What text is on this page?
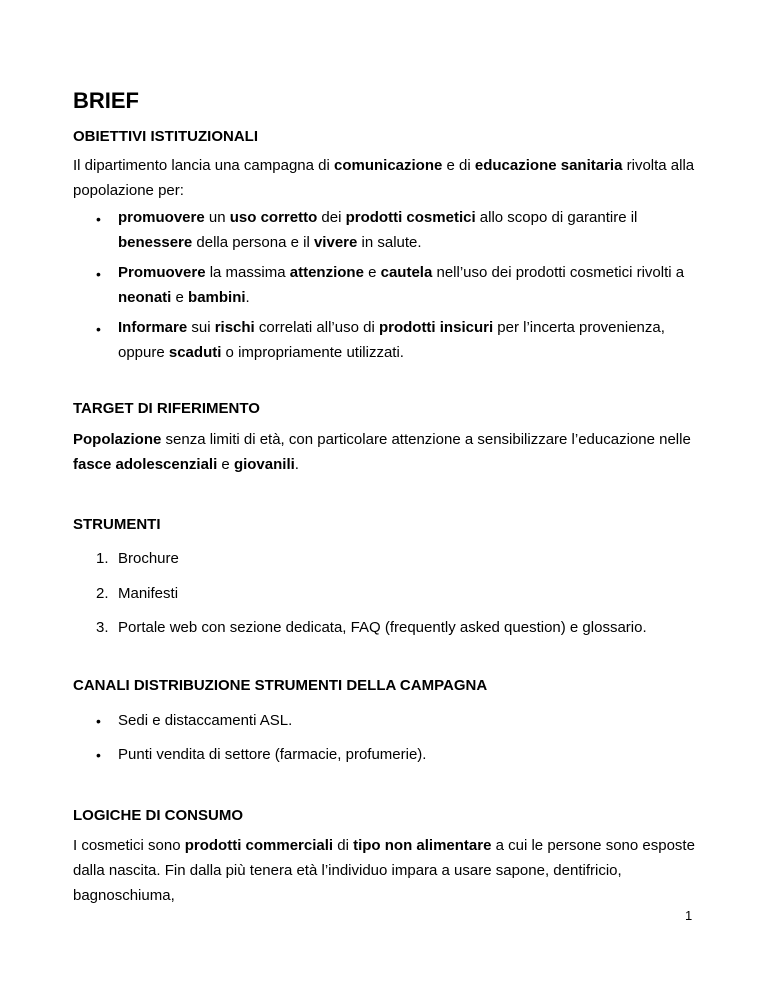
BRIEF
OBIETTIVI ISTITUZIONALI

Il dipartimento lancia una campagna di comunicazione e di educazione sanitaria rivolta alla popolazione per:

• promuovere un uso corretto dei prodotti cosmetici allo scopo di garantire il benessere della persona e il vivere in salute.

• Promuovere la massima attenzione e cautela nell’uso dei prodotti cosmetici rivolti a neonati e bambini.

• Informare sui rischi correlati all’uso di prodotti insicuri per l’incerta provenienza, oppure scaduti o impropriamente utilizzati.

TARGET DI RIFERIMENTO

Popolazione senza limiti di età, con particolare attenzione a sensibilizzare l’educazione nelle fasce adolescenziali e giovanili.

STRUMENTI
1. Brochure
2. Manifesti
3. Portale web con sezione dedicata, FAQ (frequently asked question) e glossario.
CANALI DISTRIBUZIONE STRUMENTI DELLA CAMPAGNA
• Sedi e distaccamenti ASL.
• Punti vendita di settore (farmacie, profumerie).
LOGICHE DI CONSUMO

I cosmetici sono prodotti commerciali di tipo non alimentare a cui le persone sono esposte dalla nascita. Fin dalla più tenera età l’individuo impara a usare sapone, dentifricio, bagnoschiuma,

1
